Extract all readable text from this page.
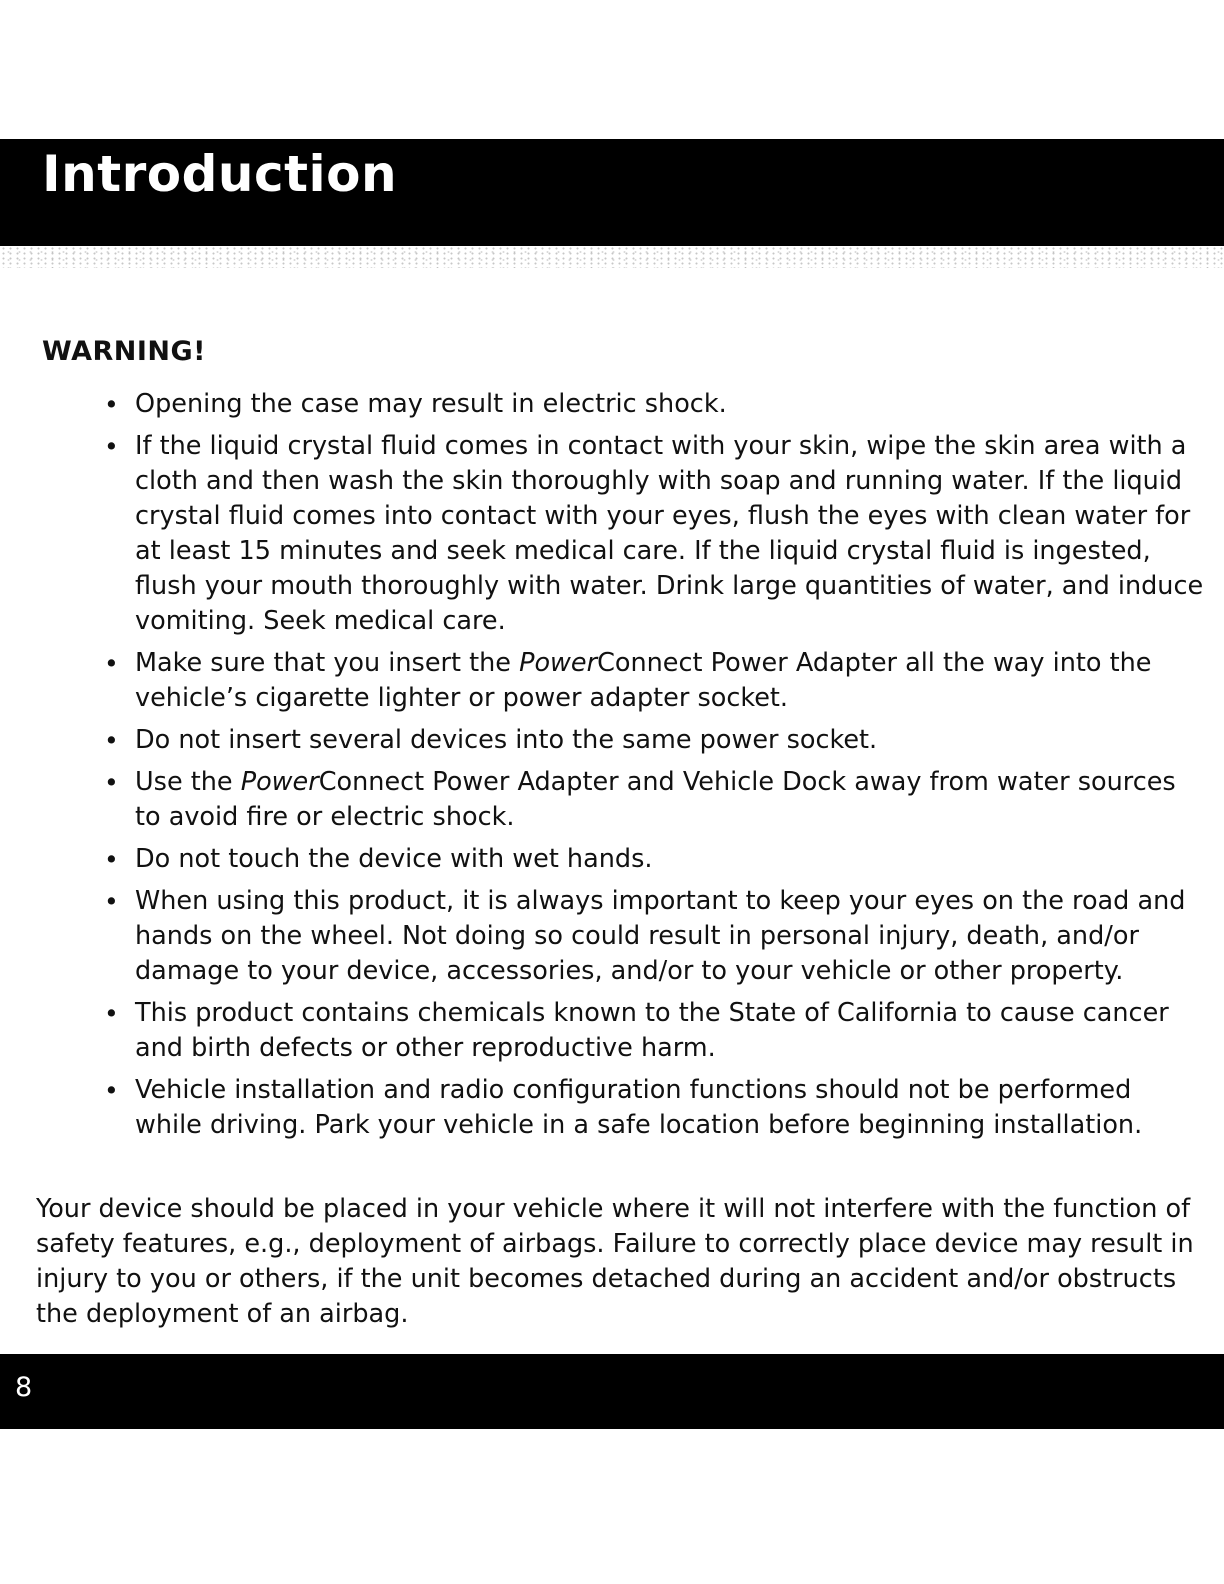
Introduction
WARNING!
• Opening the case may result in electric shock.
• If the liquid crystal fluid comes in contact with your skin, wipe the skin area with a cloth and then wash the skin thoroughly with soap and running water. If the liquid crystal fluid comes into contact with your eyes, flush the eyes with clean water for at least 15 minutes and seek medical care. If the liquid crystal fluid is ingested, flush your mouth thoroughly with water. Drink large quantities of water, and induce vomiting. Seek medical care.
• Make sure that you insert the PowerConnect Power Adapter all the way into the vehicle’s cigarette lighter or power adapter socket.
• Do not insert several devices into the same power socket.
• Use the PowerConnect Power Adapter and Vehicle Dock away from water sources to avoid fire or electric shock.
• Do not touch the device with wet hands.
• When using this product, it is always important to keep your eyes on the road and hands on the wheel. Not doing so could result in personal injury, death, and/or damage to your device, accessories, and/or to your vehicle or other property.
• This product contains chemicals known to the State of California to cause cancer and birth defects or other reproductive harm.
• Vehicle installation and radio configuration functions should not be performed while driving. Park your vehicle in a safe location before beginning installation.

Your device should be placed in your vehicle where it will not interfere with the function of safety features, e.g., deployment of airbags. Failure to correctly place device may result in injury to you or others, if the unit becomes detached during an accident and/or obstructs the deployment of an airbag.

8
